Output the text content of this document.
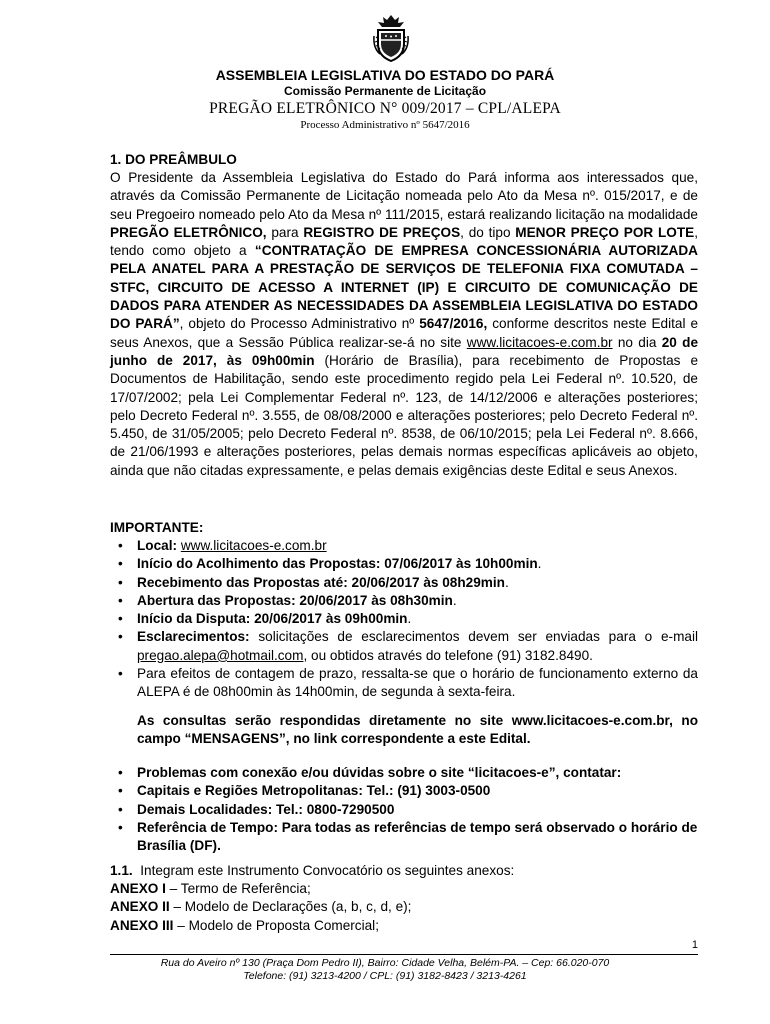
ASSEMBLEIA LEGISLATIVA DO ESTADO DO PARÁ
Comissão Permanente de Licitação
PREGÃO ELETRÔNICO N° 009/2017 – CPL/ALEPA
Processo Administrativo nº 5647/2016
1. DO PREÂMBULO
O Presidente da Assembleia Legislativa do Estado do Pará informa aos interessados que, através da Comissão Permanente de Licitação nomeada pelo Ato da Mesa nº. 015/2017, e de seu Pregoeiro nomeado pelo Ato da Mesa nº 111/2015, estará realizando licitação na modalidade PREGÃO ELETRÔNICO, para REGISTRO DE PREÇOS, do tipo MENOR PREÇO POR LOTE, tendo como objeto a “CONTRATAÇÃO DE EMPRESA CONCESSIONÁRIA AUTORIZADA PELA ANATEL PARA A PRESTAÇÃO DE SERVIÇOS DE TELEFONIA FIXA COMUTADA – STFC, CIRCUITO DE ACESSO A INTERNET (IP) E CIRCUITO DE COMUNICAÇÃO DE DADOS PARA ATENDER AS NECESSIDADES DA ASSEMBLEIA LEGISLATIVA DO ESTADO DO PARÁ”, objeto do Processo Administrativo nº 5647/2016, conforme descritos neste Edital e seus Anexos, que a Sessão Pública realizar-se-á no site www.licitacoes-e.com.br no dia 20 de junho de 2017, às 09h00min (Horário de Brasília), para recebimento de Propostas e Documentos de Habilitação, sendo este procedimento regido pela Lei Federal nº. 10.520, de 17/07/2002; pela Lei Complementar Federal nº. 123, de 14/12/2006 e alterações posteriores; pelo Decreto Federal nº. 3.555, de 08/08/2000 e alterações posteriores; pelo Decreto Federal nº. 5.450, de 31/05/2005; pelo Decreto Federal nº. 8538, de 06/10/2015; pela Lei Federal nº. 8.666, de 21/06/1993 e alterações posteriores, pelas demais normas específicas aplicáveis ao objeto, ainda que não citadas expressamente, e pelas demais exigências deste Edital e seus Anexos.
IMPORTANTE:
• Local: www.licitacoes-e.com.br
• Início do Acolhimento das Propostas: 07/06/2017 às 10h00min.
• Recebimento das Propostas até: 20/06/2017 às 08h29min.
• Abertura das Propostas: 20/06/2017 às 08h30min.
• Início da Disputa: 20/06/2017 às 09h00min.
• Esclarecimentos: solicitações de esclarecimentos devem ser enviadas para o e-mail pregao.alepa@hotmail.com, ou obtidos através do telefone (91) 3182.8490.
• Para efeitos de contagem de prazo, ressalta-se que o horário de funcionamento externo da ALEPA é de 08h00min às 14h00min, de segunda à sexta-feira.
As consultas serão respondidas diretamente no site www.licitacoes-e.com.br, no campo “MENSAGENS”, no link correspondente a este Edital.
• Problemas com conexão e/ou dúvidas sobre o site “licitacoes-e”, contatar:
• Capitais e Regiões Metropolitanas: Tel.: (91) 3003-0500
• Demais Localidades: Tel.: 0800-7290500
• Referência de Tempo: Para todas as referências de tempo será observado o horário de Brasília (DF).
1.1.  Integram este Instrumento Convocatório os seguintes anexos:
ANEXO I – Termo de Referência;
ANEXO II – Modelo de Declarações (a, b, c, d, e);
ANEXO III – Modelo de Proposta Comercial;
1
Rua do Aveiro nº 130 (Praça Dom Pedro II), Bairro: Cidade Velha, Belém-PA. – Cep: 66.020-070
Telefone: (91) 3213-4200 / CPL: (91) 3182-8423 / 3213-4261
